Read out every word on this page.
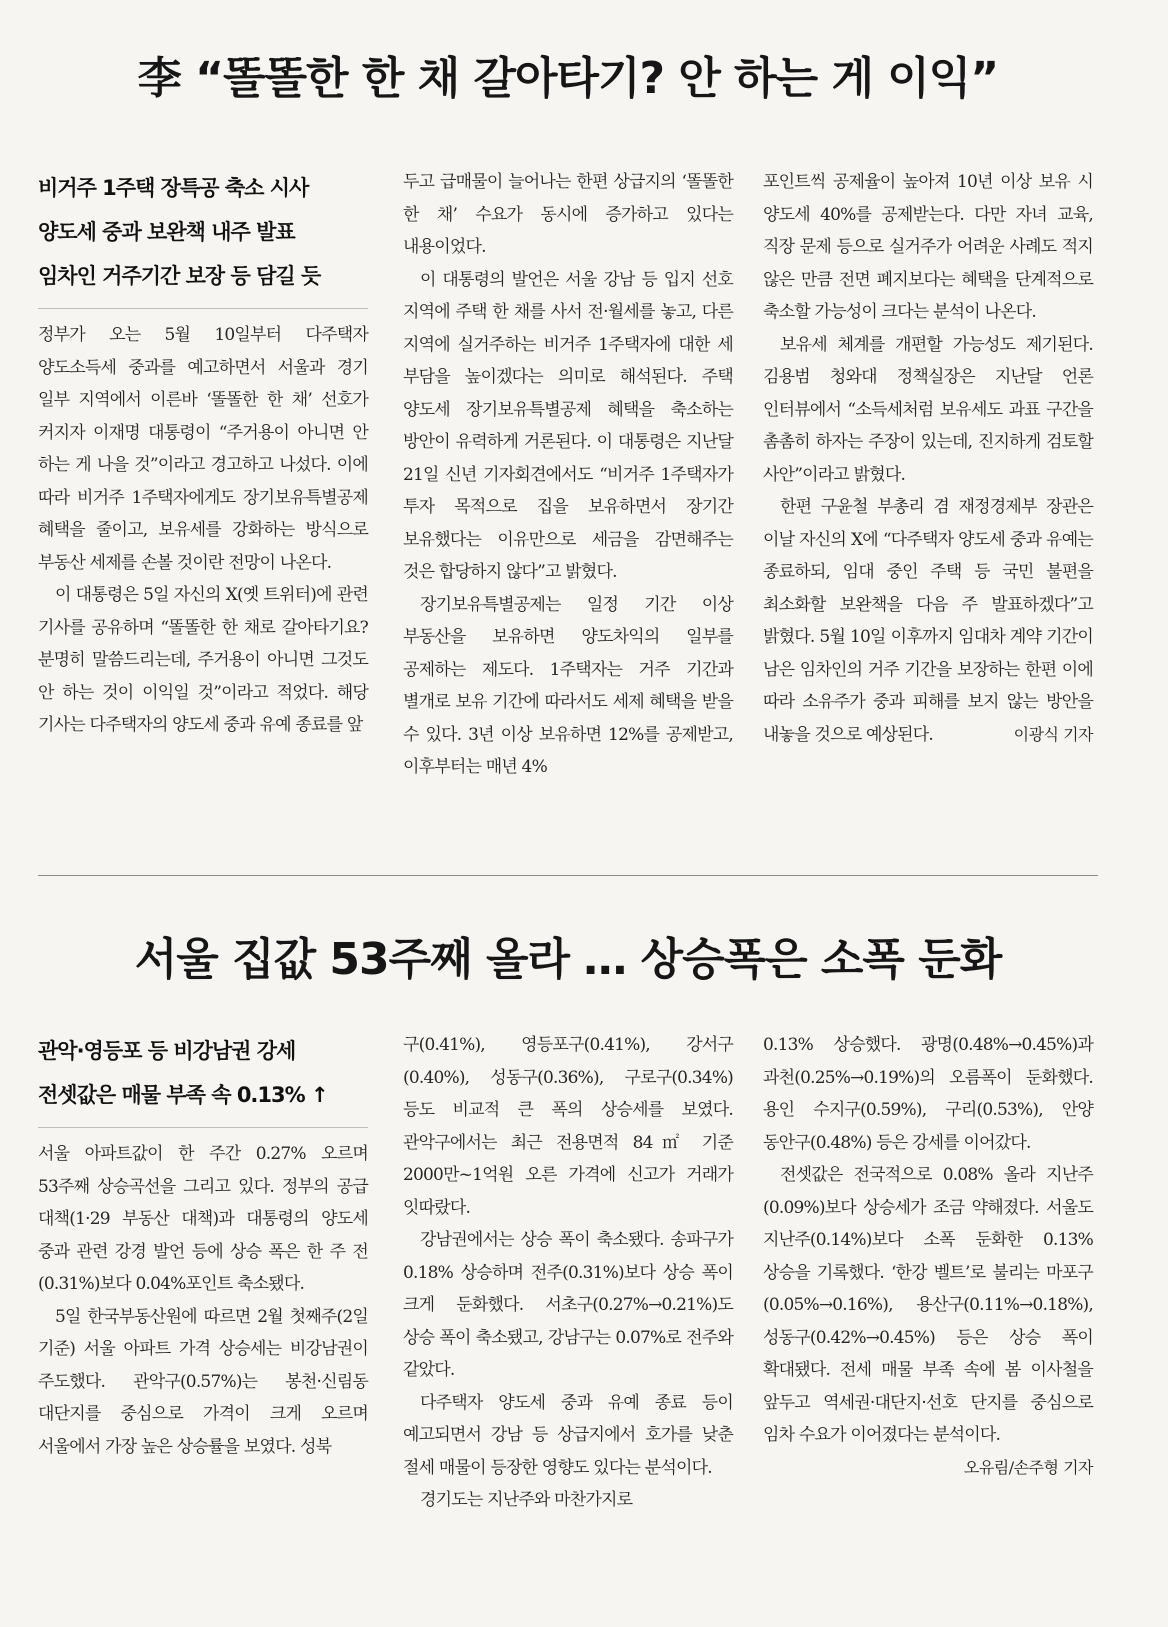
李 “똘똘한 한 채 갈아타기? 안 하는 게 이익”
비거주 1주택 장특공 축소 시사
양도세 중과 보완책 내주 발표
임차인 거주기간 보장 등 담길 듯
정부가 오는 5월 10일부터 다주택자 양도소득세 중과를 예고하면서 서울과 경기 일부 지역에서 이른바 ‘똘똘한 한 채’ 선호가 커지자 이재명 대통령이 “주거용이 아니면 안 하는 게 나을 것”이라고 경고하고 나섰다. 이에 따라 비거주 1주택자에게도 장기보유특별공제 혜택을 줄이고, 보유세를 강화하는 방식으로 부동산 세제를 손볼 것이란 전망이 나온다.
이 대통령은 5일 자신의 X(옛 트위터)에 관련 기사를 공유하며 “똘똘한 한 채로 갈아타기요? 분명히 말씀드리는데, 주거용이 아니면 그것도 안 하는 것이 이익일 것”이라고 적었다. 해당 기사는 다주택자의 양도세 중과 유예 종료를 앞
두고 급매물이 늘어나는 한편 상급지의 ‘똘똘한 한 채’ 수요가 동시에 증가하고 있다는 내용이었다.
이 대통령의 발언은 서울 강남 등 입지 선호 지역에 주택 한 채를 사서 전·월세를 놓고, 다른 지역에 실거주하는 비거주 1주택자에 대한 세 부담을 높이겠다는 의미로 해석된다. 주택 양도세 장기보유특별공제 혜택을 축소하는 방안이 유력하게 거론된다. 이 대통령은 지난달 21일 신년 기자회견에서도 “비거주 1주택자가 투자 목적으로 집을 보유하면서 장기간 보유했다는 이유만으로 세금을 감면해주는 것은 합당하지 않다”고 밝혔다.
장기보유특별공제는 일정 기간 이상 부동산을 보유하면 양도차익의 일부를 공제하는 제도다. 1주택자는 거주 기간과 별개로 보유 기간에 따라서도 세제 혜택을 받을 수 있다. 3년 이상 보유하면 12%를 공제받고, 이후부터는 매년 4%
포인트씩 공제율이 높아져 10년 이상 보유 시 양도세 40%를 공제받는다. 다만 자녀 교육, 직장 문제 등으로 실거주가 어려운 사례도 적지 않은 만큼 전면 폐지보다는 혜택을 단계적으로 축소할 가능성이 크다는 분석이 나온다.
보유세 체계를 개편할 가능성도 제기된다. 김용범 청와대 정책실장은 지난달 언론 인터뷰에서 “소득세처럼 보유세도 과표 구간을 촘촘히 하자는 주장이 있는데, 진지하게 검토할 사안”이라고 밝혔다.
한편 구윤철 부총리 겸 재정경제부 장관은 이날 자신의 X에 “다주택자 양도세 중과 유예는 종료하되, 임대 중인 주택 등 국민 불편을 최소화할 보완책을 다음 주 발표하겠다”고 밝혔다. 5월 10일 이후까지 임대차 계약 기간이 남은 임차인의 거주 기간을 보장하는 한편 이에 따라 소유주가 중과 피해를 보지 않는 방안을 내놓을 것으로 예상된다.	이광식 기자
서울 집값 53주째 올라 … 상승폭은 소폭 둔화
관악·영등포 등 비강남권 강세
전셋값은 매물 부족 속 0.13% ↑
서울 아파트값이 한 주간 0.27% 오르며 53주째 상승곡선을 그리고 있다. 정부의 공급 대책(1·29 부동산 대책)과 대통령의 양도세 중과 관련 강경 발언 등에 상승 폭은 한 주 전(0.31%)보다 0.04%포인트 축소됐다.
5일 한국부동산원에 따르면 2월 첫째주(2일 기준) 서울 아파트 가격 상승세는 비강남권이 주도했다. 관악구(0.57%)는 봉천·신림동 대단지를 중심으로 가격이 크게 오르며 서울에서 가장 높은 상승률을 보였다. 성북
구(0.41%), 영등포구(0.41%), 강서구(0.40%), 성동구(0.36%), 구로구(0.34%) 등도 비교적 큰 폭의 상승세를 보였다. 관악구에서는 최근 전용면적 84㎡ 기준 2000만~1억원 오른 가격에 신고가 거래가 잇따랐다.
강남권에서는 상승 폭이 축소됐다. 송파구가 0.18% 상승하며 전주(0.31%)보다 상승 폭이 크게 둔화했다. 서초구(0.27%→0.21%)도 상승 폭이 축소됐고, 강남구는 0.07%로 전주와 같았다.
다주택자 양도세 중과 유예 종료 등이 예고되면서 강남 등 상급지에서 호가를 낮춘 절세 매물이 등장한 영향도 있다는 분석이다.
경기도는 지난주와 마찬가지로
0.13% 상승했다. 광명(0.48%→0.45%)과 과천(0.25%→0.19%)의 오름폭이 둔화했다. 용인 수지구(0.59%), 구리(0.53%), 안양 동안구(0.48%) 등은 강세를 이어갔다.
전셋값은 전국적으로 0.08% 올라 지난주(0.09%)보다 상승세가 조금 약해졌다. 서울도 지난주(0.14%)보다 소폭 둔화한 0.13% 상승을 기록했다. ‘한강 벨트’로 불리는 마포구(0.05%→0.16%), 용산구(0.11%→0.18%), 성동구(0.42%→0.45%) 등은 상승 폭이 확대됐다. 전세 매물 부족 속에 봄 이사철을 앞두고 역세권·대단지·선호 단지를 중심으로 임차 수요가 이어졌다는 분석이다.
오유림/손주형 기자
